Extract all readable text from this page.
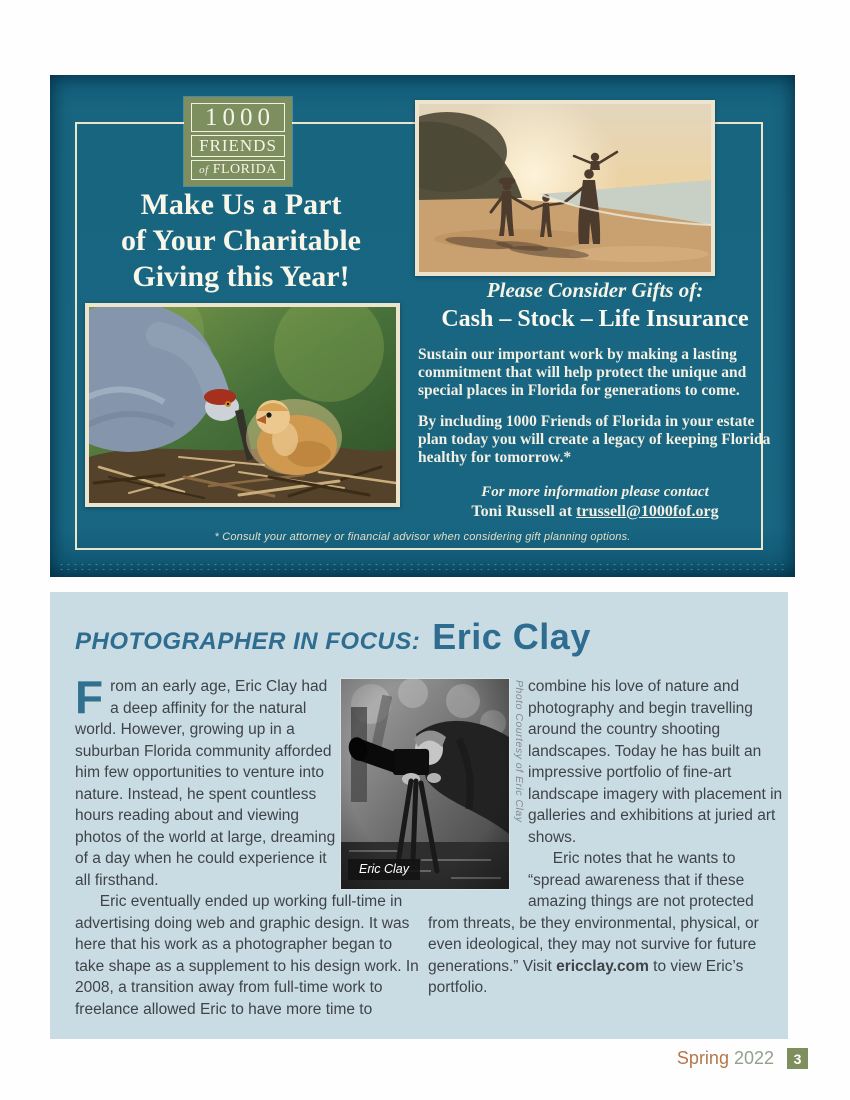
1000
FRIENDS
of FLORIDA
Make Us a Part
of Your Charitable
Giving this Year!	Please Consider Gifts of:
Cash – Stock – Life Insurance

Sustain our important work by making a lasting commitment that will help protect the unique and special places in Florida for generations to come.

By including 1000 Friends of Florida in your estate plan today you will create a legacy of keeping Florida healthy for tomorrow.*

For more information please contact
Toni Russell at trussell@1000fof.org
* Consult your attorney or financial advisor when considering gift planning options.
PHOTOGRAPHER IN FOCUS: Eric Clay

From an early age, Eric Clay had a deep affinity for the natural world. However, growing up in a suburban Florida community afforded him few opportunities to venture into nature. Instead, he spent countless hours reading about and viewing photos of the world at large, dreaming of a day when he could experience it all firsthand.

Eric eventually ended up working full-time in advertising doing web and graphic design. It was here that his work as a photographer began to take shape as a supplement to his design work. In 2008, a transition away from full-time work to freelance allowed Eric to have more time to

combine his love of nature and photography and begin travelling around the country shooting landscapes. Today he has built an impressive portfolio of fine-art landscape imagery with placement in galleries and exhibitions at juried art shows.

Eric notes that he wants to “spread awareness that if these amazing things are not protected from threats, be they environmental, physical, or even ideological, they may not survive for future generations.” Visit ericclay.com to view Eric’s portfolio.

Eric Clay
Photo Courtesy of Eric Clay
Spring 2022	3
